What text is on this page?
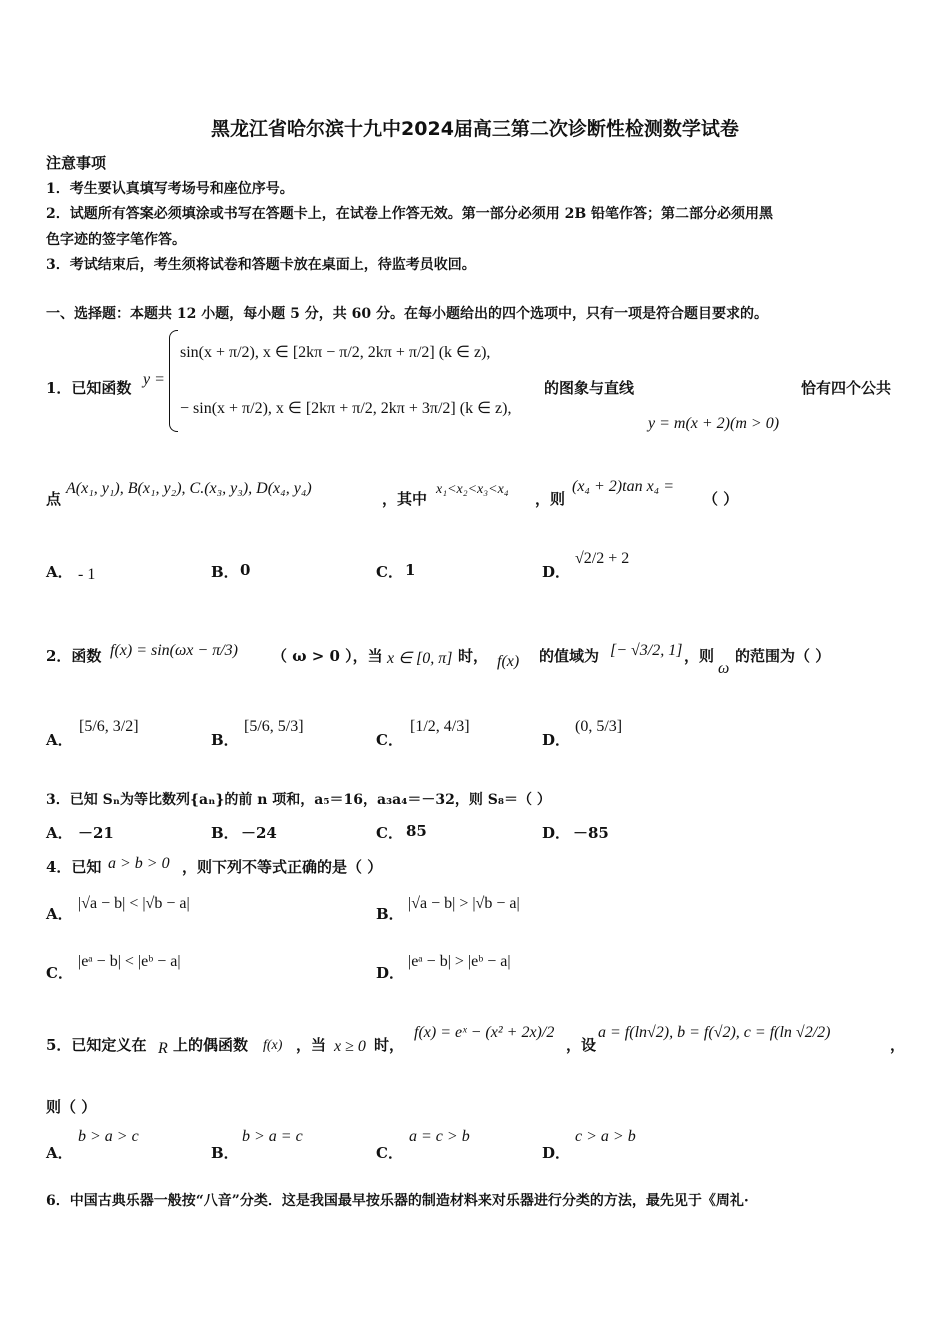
黑龙江省哈尔滨十九中2024届高三第二次诊断性检测数学试卷
注意事项
1．考生要认真填写考场号和座位序号。
2．试题所有答案必须填涂或书写在答题卡上，在试卷上作答无效。第一部分必须用 2B 铅笔作答；第二部分必须用黑
色字迹的签字笔作答。
3．考试结束后，考生须将试卷和答题卡放在桌面上，待监考员收回。
一、选择题：本题共 12 小题，每小题 5 分，共 60 分。在每小题给出的四个选项中，只有一项是符合题目要求的。
1．已知函数 y =
sin(x + π/2), x ∈ [2kπ − π/2, 2kπ + π/2] (k ∈ z),
− sin(x + π/2), x ∈ [2kπ + π/2, 2kπ + 3π/2] (k ∈ z),
的图象与直线	恰有四个公共
y = m(x + 2)(m > 0)
点
A(x₁, y₁), B(x₁, y₂), C.(x₃, y₃), D(x₄, y₄)
，其中
x₁<x₂<x₃<x₄
，则
(x₄ + 2)tan x₄ =
（ ）
A． - 1	B． 0	C． 1	D．
√2/2 + 2
2．函数 f(x) = sin(ωx − π/3) （ ω > 0 ），当 x ∈ [0, π] 时， f(x) 的值域为 [− √3/2, 1] ，则
ω
的范围为（ ）
A．
[5/6, 3/2]
B．
[5/6, 5/3]
C．
[1/2, 4/3]
D．
(0, 5/3]
3．已知 Sₙ为等比数列{aₙ}的前 n 项和，a₅＝16，a₃a₄＝－32，则 S₈＝（ ）
A． －21	B． －24	C． 85	D． －85
4．已知 a > b > 0 ，则下列不等式正确的是（ ）
A．
|√a − b| < |√b − a|
B．
|√a − b| > |√b − a|
C．
|eᵃ − b| < |eᵇ − a|
D．
|eᵃ − b| > |eᵇ − a|
5．已知定义在 R 上的偶函数 f(x) ，当 x ≥ 0 时，
f(x) = eˣ − (x² + 2x)/2
，设
a = f(ln√2), b = f(√2), c = f(ln √2/2)
，
则（ ）
A．
b > a > c
B．
b > a = c
C．
a = c > b
D．
c > a > b
6．中国古典乐器一般按“八音”分类．这是我国最早按乐器的制造材料来对乐器进行分类的方法，最先见于《周礼·
